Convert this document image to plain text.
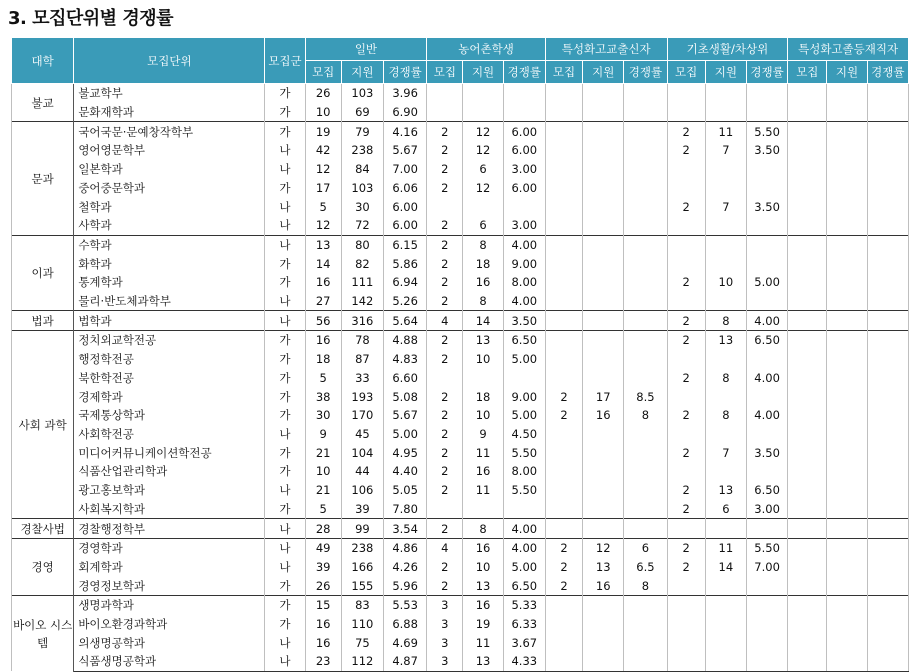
3. 모집단위별 경쟁률
대학	모집단위	모집군	일반			농어촌학생			특성화고교출신자			기초생활/차상위			특성화고졸등재직자		
			모집	지원	경쟁률	모집	지원	경쟁률	모집	지원	경쟁률	모집	지원	경쟁률	모집	지원	경쟁률
불교	불교학부	가	26	103	3.96												
	문화재학과	가	10	69	6.90												
문과	국어국문·문예창작학부	가	19	79	4.16	2	12	6.00				2	11	5.50			
	영어영문학부	나	42	238	5.67	2	12	6.00				2	7	3.50			
	일본학과	나	12	84	7.00	2	6	3.00									
	중어중문학과	가	17	103	6.06	2	12	6.00									
	철학과	나	5	30	6.00							2	7	3.50			
	사학과	나	12	72	6.00	2	6	3.00									
이과	수학과	나	13	80	6.15	2	8	4.00									
	화학과	가	14	82	5.86	2	18	9.00									
	통계학과	가	16	111	6.94	2	16	8.00				2	10	5.00			
	물리·반도체과학부	나	27	142	5.26	2	8	4.00									
법과	법학과	나	56	316	5.64	4	14	3.50				2	8	4.00			
사회 과학	정치외교학전공	가	16	78	4.88	2	13	6.50				2	13	6.50			
	행정학전공	가	18	87	4.83	2	10	5.00									
	북한학전공	가	5	33	6.60							2	8	4.00			
	경제학과	가	38	193	5.08	2	18	9.00	2	17	8.5						
	국제통상학과	가	30	170	5.67	2	10	5.00	2	16	8	2	8	4.00			
	사회학전공	나	9	45	5.00	2	9	4.50									
	미디어커뮤니케이션학전공	가	21	104	4.95	2	11	5.50				2	7	3.50			
	식품산업관리학과	가	10	44	4.40	2	16	8.00									
	광고홍보학과	나	21	106	5.05	2	11	5.50				2	13	6.50			
	사회복지학과	가	5	39	7.80							2	6	3.00			
경찰사법	경찰행정학부	나	28	99	3.54	2	8	4.00									
경영	경영학과	나	49	238	4.86	4	16	4.00	2	12	6	2	11	5.50			
	회계학과	나	39	166	4.26	2	10	5.00	2	13	6.5	2	14	7.00			
	경영정보학과	가	26	155	5.96	2	13	6.50	2	16	8						
바이오 시스템	생명과학과	가	15	83	5.53	3	16	5.33									
	바이오환경과학과	가	16	110	6.88	3	19	6.33									
	의생명공학과	나	16	75	4.69	3	11	3.67									
	식품생명공학과	나	23	112	4.87	3	13	4.33									
